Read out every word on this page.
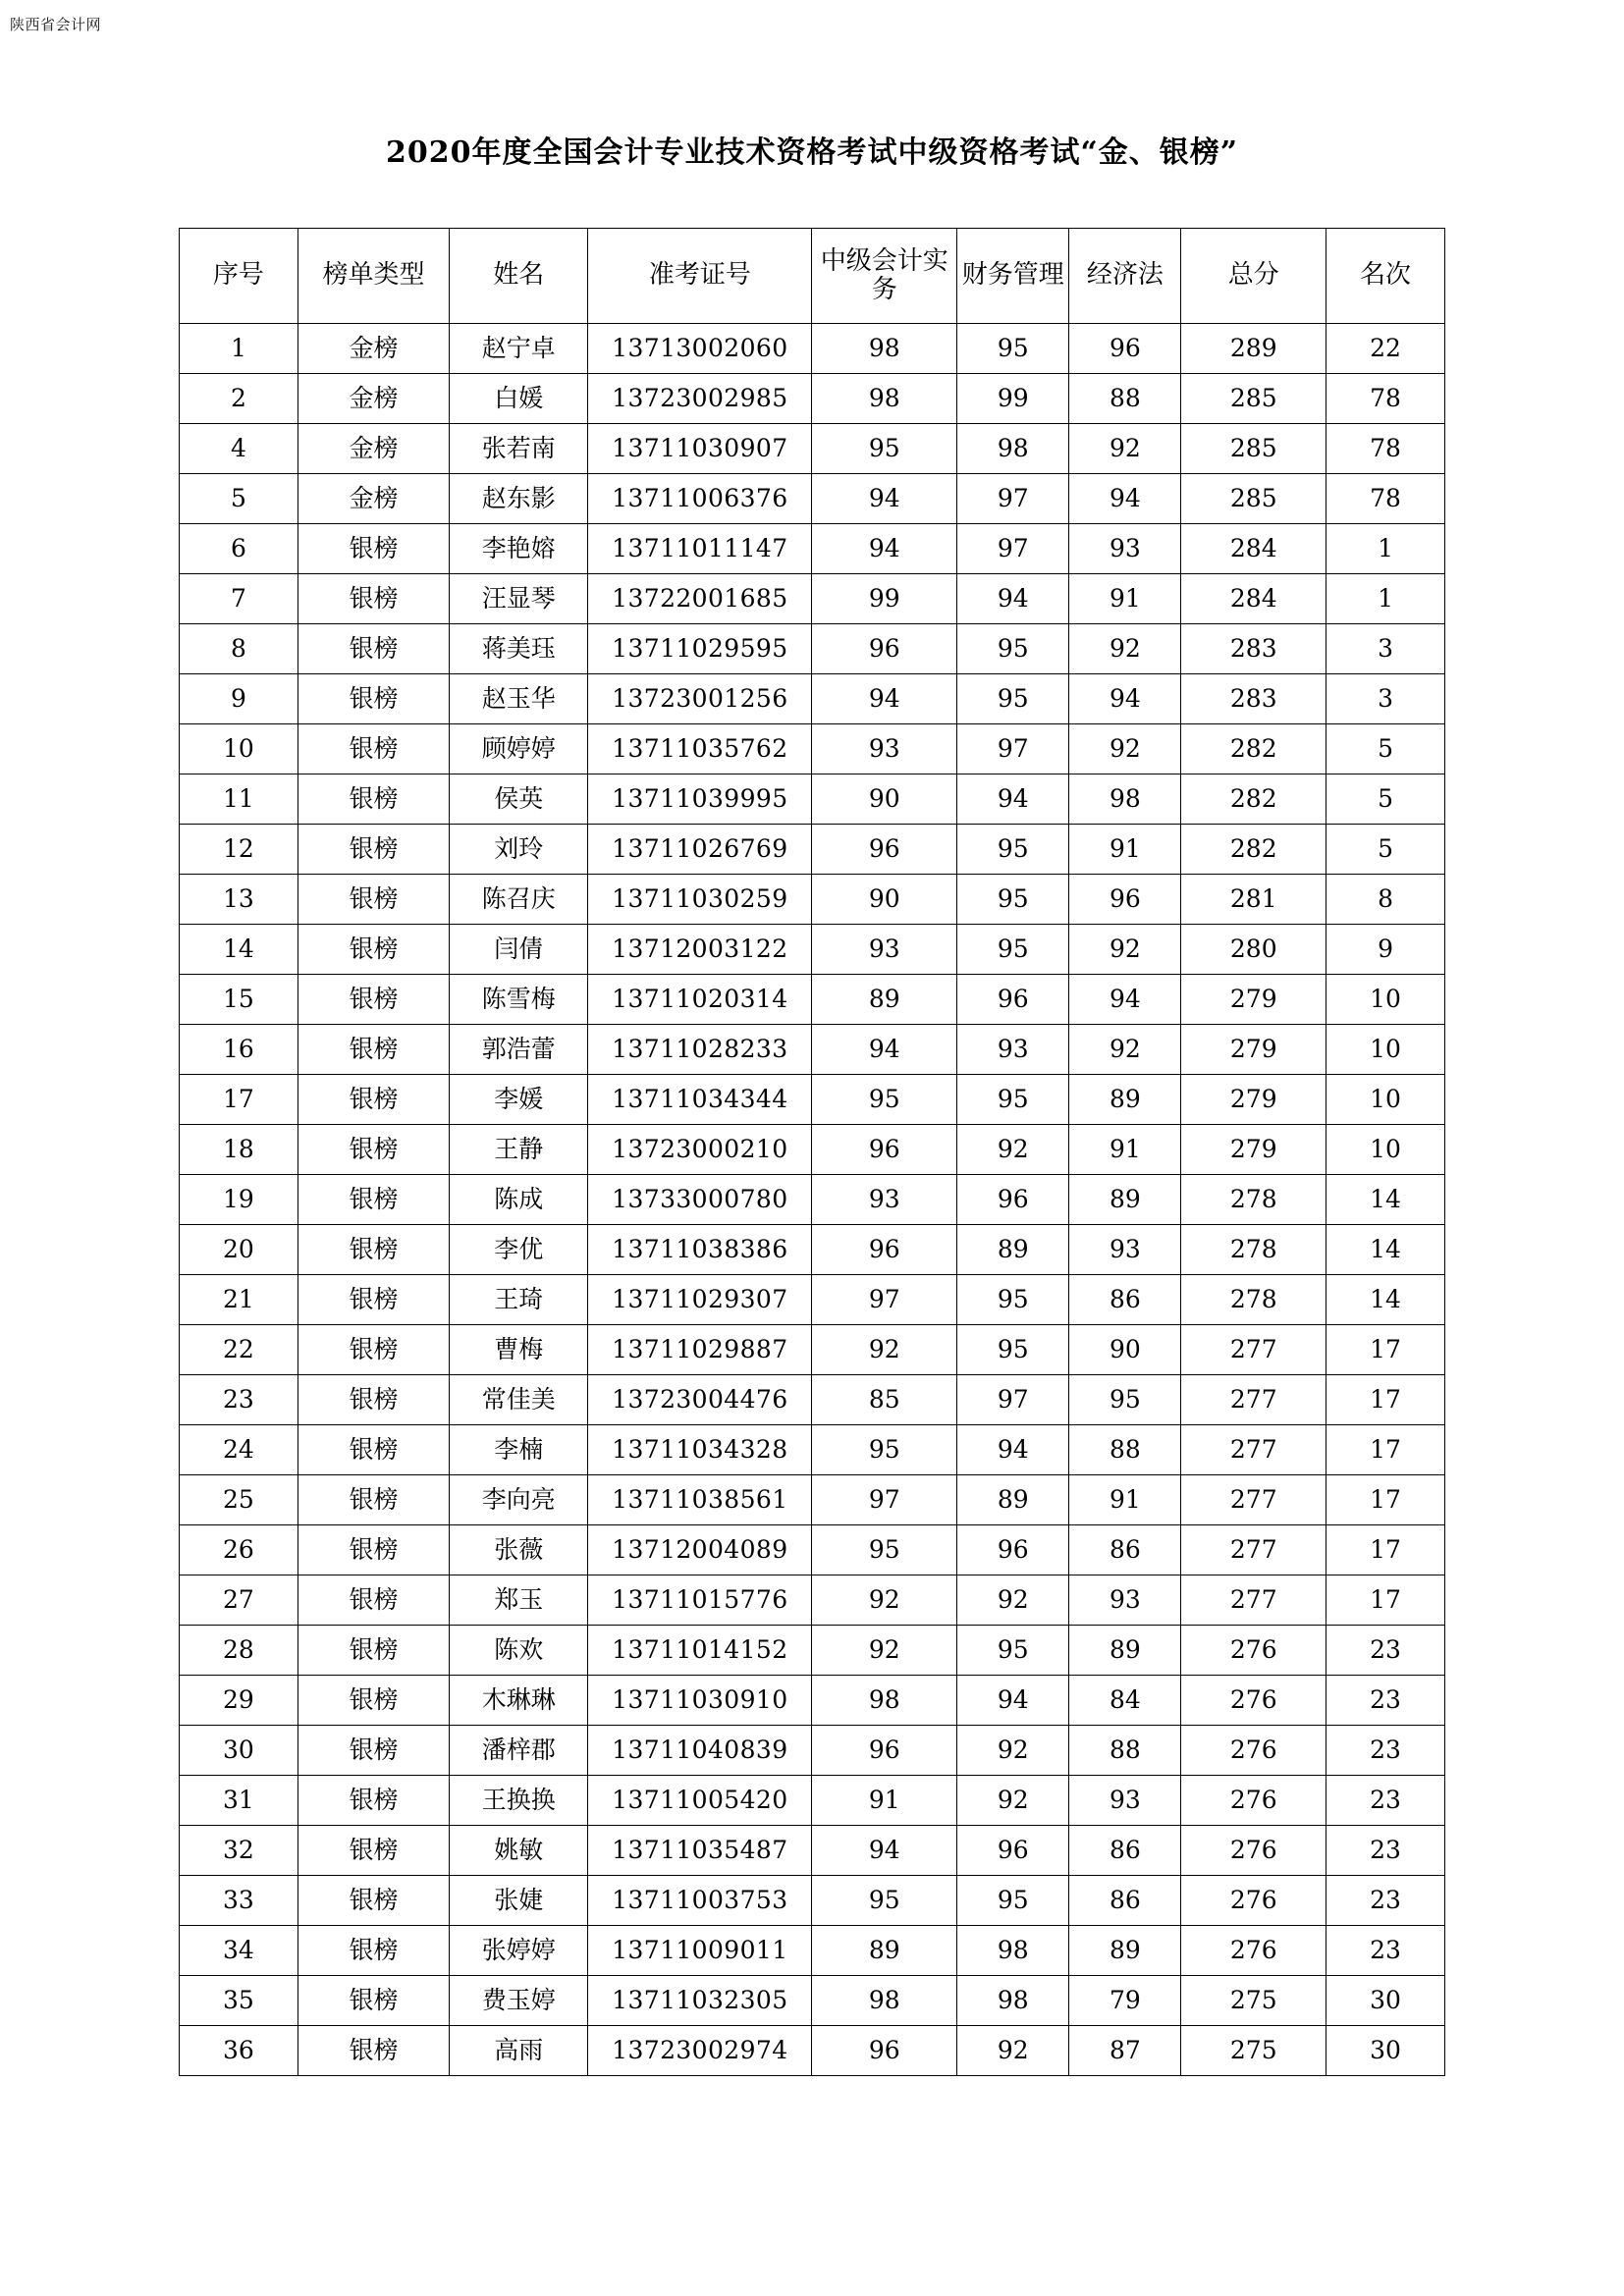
陕西省会计网
2020年度全国会计专业技术资格考试中级资格考试“金、银榜”
序号	榜单类型	姓名	准考证号	中级会计实务	财务管理	经济法	总分	名次
1	金榜	赵宁卓	13713002060	98	95	96	289	22
2	金榜	白媛	13723002985	98	99	88	285	78
4	金榜	张若南	13711030907	95	98	92	285	78
5	金榜	赵东影	13711006376	94	97	94	285	78
6	银榜	李艳嫆	13711011147	94	97	93	284	1
7	银榜	汪显琴	13722001685	99	94	91	284	1
8	银榜	蒋美珏	13711029595	96	95	92	283	3
9	银榜	赵玉华	13723001256	94	95	94	283	3
10	银榜	顾婷婷	13711035762	93	97	92	282	5
11	银榜	侯英	13711039995	90	94	98	282	5
12	银榜	刘玲	13711026769	96	95	91	282	5
13	银榜	陈召庆	13711030259	90	95	96	281	8
14	银榜	闫倩	13712003122	93	95	92	280	9
15	银榜	陈雪梅	13711020314	89	96	94	279	10
16	银榜	郭浩蕾	13711028233	94	93	92	279	10
17	银榜	李媛	13711034344	95	95	89	279	10
18	银榜	王静	13723000210	96	92	91	279	10
19	银榜	陈成	13733000780	93	96	89	278	14
20	银榜	李优	13711038386	96	89	93	278	14
21	银榜	王琦	13711029307	97	95	86	278	14
22	银榜	曹梅	13711029887	92	95	90	277	17
23	银榜	常佳美	13723004476	85	97	95	277	17
24	银榜	李楠	13711034328	95	94	88	277	17
25	银榜	李向亮	13711038561	97	89	91	277	17
26	银榜	张薇	13712004089	95	96	86	277	17
27	银榜	郑玉	13711015776	92	92	93	277	17
28	银榜	陈欢	13711014152	92	95	89	276	23
29	银榜	木琳琳	13711030910	98	94	84	276	23
30	银榜	潘梓郡	13711040839	96	92	88	276	23
31	银榜	王换换	13711005420	91	92	93	276	23
32	银榜	姚敏	13711035487	94	96	86	276	23
33	银榜	张婕	13711003753	95	95	86	276	23
34	银榜	张婷婷	13711009011	89	98	89	276	23
35	银榜	费玉婷	13711032305	98	98	79	275	30
36	银榜	高雨	13723002974	96	92	87	275	30
